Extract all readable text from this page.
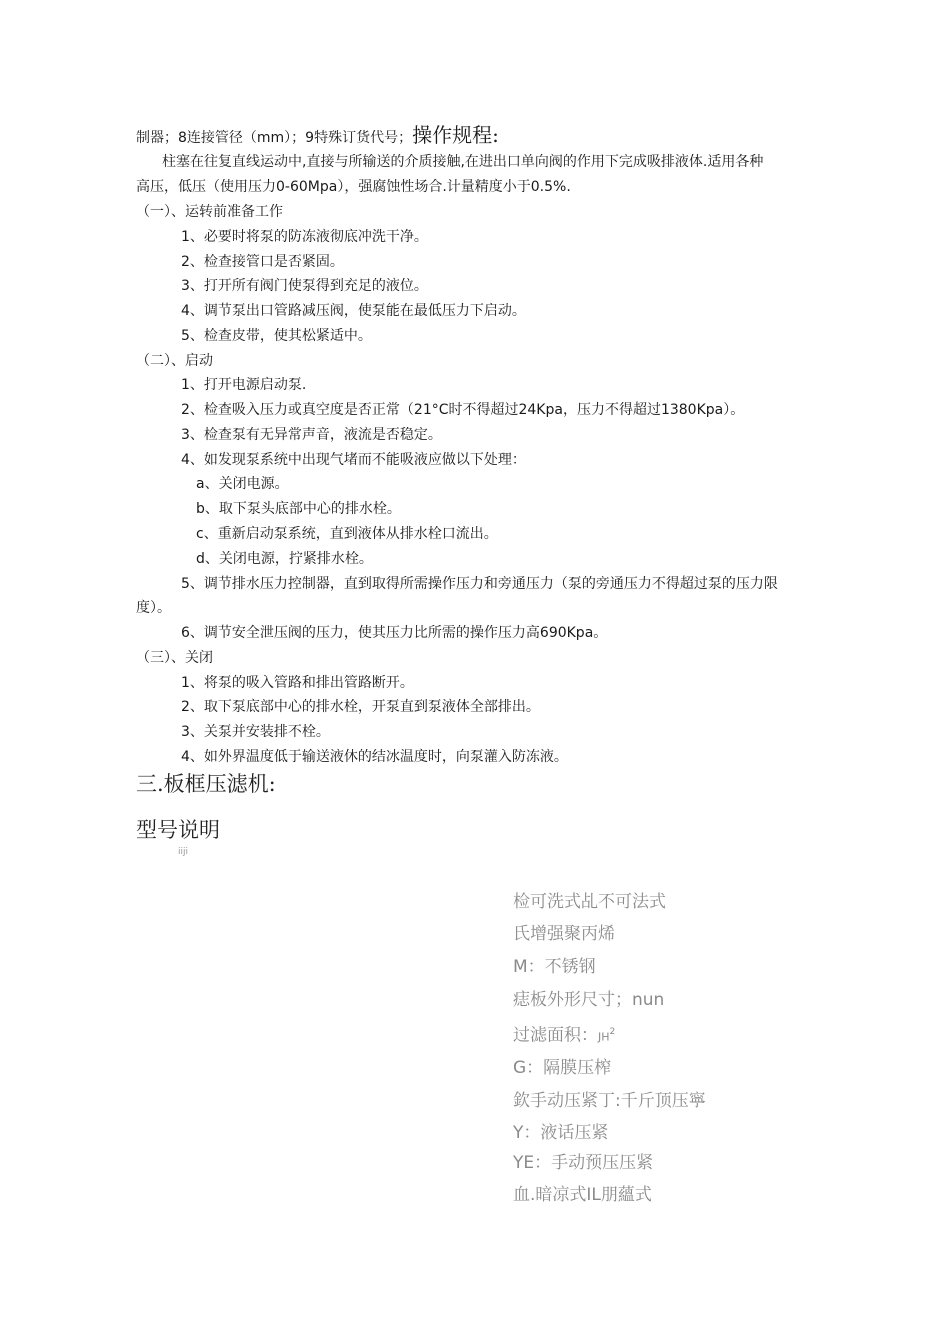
制器；8连接管径（mm）；9特殊订货代号；操作规程:
柱塞在往复直线运动中,直接与所输送的介质接触,在进出口单向阀的作用下完成吸排液体.适用各种
高压，低压（使用压力0-60Mpa），强腐蚀性场合.计量精度小于0.5%.
（一）、运转前准备工作
1、必要时将泵的防冻液彻底冲洗干净。
2、检查接管口是否紧固。
3、打开所有阀门使泵得到充足的液位。
4、调节泵出口管路减压阀，使泵能在最低压力下启动。
5、检查皮带，使其松紧适中。
（二）、启动
1、打开电源启动泵.
2、检查吸入压力或真空度是否正常（21°C时不得超过24Kpa，压力不得超过1380Kpa）。
3、检查泵有无异常声音，液流是否稳定。
4、如发现泵系统中出现气堵而不能吸液应做以下处理：
a、关闭电源。
b、取下泵头底部中心的排水栓。
c、重新启动泵系统，直到液体从排水栓口流出。
d、关闭电源，拧紧排水栓。
5、调节排水压力控制器，直到取得所需操作压力和旁通压力（泵的旁通压力不得超过泵的压力限
度）。
6、调节安全泄压阀的压力，使其压力比所需的操作压力高690Kpa。
（三）、关闭
1、将泵的吸入管路和排出管路断开。
2、取下泵底部中心的排水栓，开泵直到泵液体全部排出。
3、关泵并安装排不栓。
4、如外界温度低于输送液休的结冰温度时，向泵灌入防冻液。
三.板框压滤机:
型号说明
iiji
检可洗式乩不可法式
氏增强聚丙烯
M：不锈钢
痣板外形尺寸；nun
过滤面积：$JH^2$
G：隔膜压榨
欽手动压紧丁:千斤顶压寧
Y：液话压紧
YE：手动预压压紧
血.暗凉式IL朋蘊式
